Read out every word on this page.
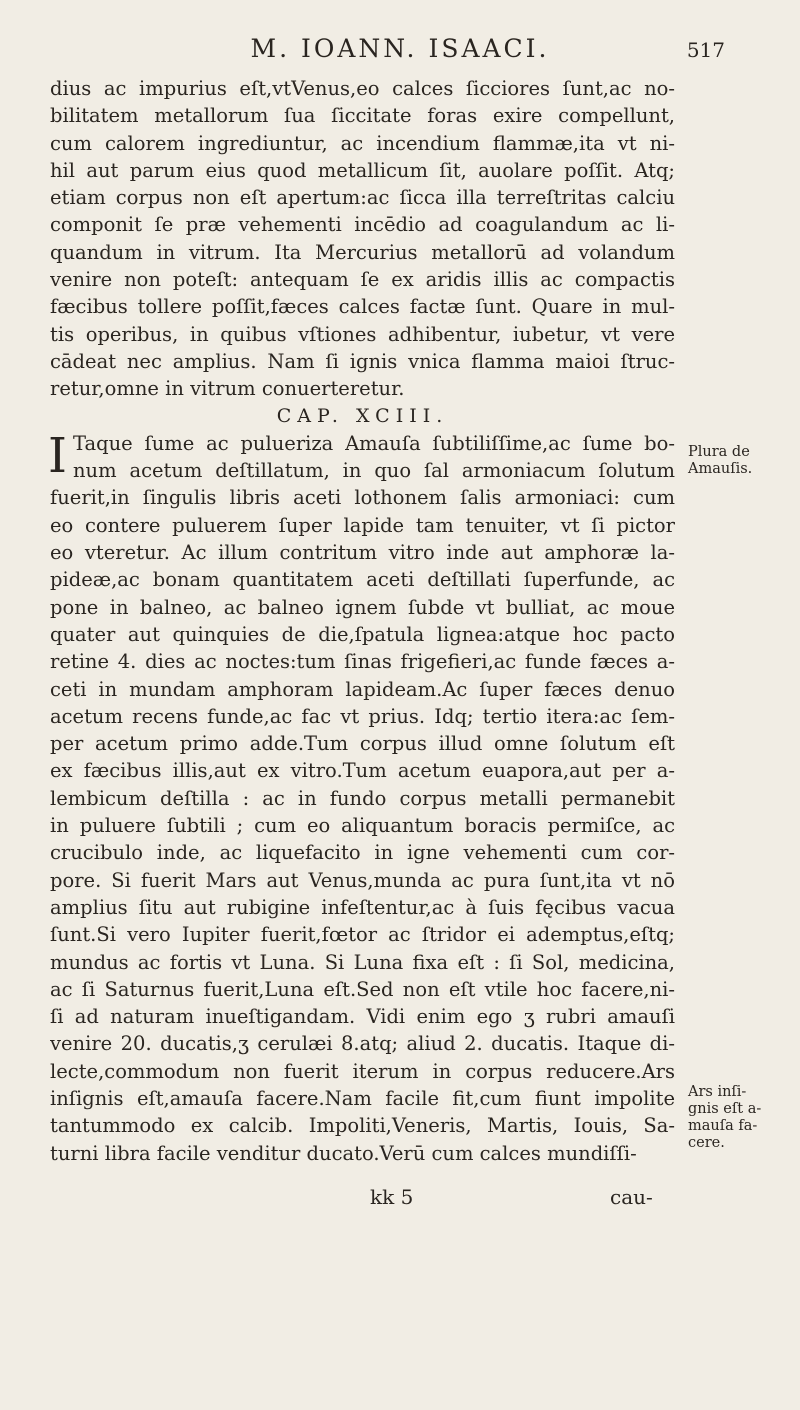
M. IOANN. ISAACI.	517
dius ac impurius eſt,vtVenus,eo calces ſicciores ſunt,ac no-
bilitatem metallorum ſua ſiccitate foras exire compellunt,
cum calorem ingrediuntur, ac incendium flammæ,ita vt ni-
hil aut parum eius quod metallicum ſit, auolare poſſit. Atq;
etiam corpus non eſt apertum:ac ſicca illa terreſtritas calciu
componit ſe præ vehementi incēdio ad coagulandum ac li-
quandum in vitrum. Ita Mercurius metallorū ad volandum
venire non poteſt: antequam ſe ex aridis illis ac compactis
fæcibus tollere poſſit,fæces calces factæ ſunt. Quare in mul-
tis operibus, in quibus vſtiones adhibentur, iubetur, vt vere
cādeat nec amplius. Nam ſi ignis vnica flamma maioi ſtruc-
retur,omne in vitrum conuerteretur.
CAP. XCIII.
I Taque ſume ac pulueriza Amauſa ſubtiliſſime,ac ſume bo-
num acetum deſtillatum, in quo ſal armoniacum ſolutum
fuerit,in ſingulis libris aceti lothonem ſalis armoniaci: cum
eo contere puluerem ſuper lapide tam tenuiter, vt ſi pictor
eo vteretur. Ac illum contritum vitro inde aut amphoræ la-
pideæ,ac bonam quantitatem aceti deſtillati ſuperfunde, ac
pone in balneo, ac balneo ignem ſubde vt bulliat, ac moue
quater aut quinquies de die,ſpatula lignea:atque hoc pacto
retine 4. dies ac noctes:tum ſinas frigefieri,ac funde fæces a-
ceti in mundam amphoram lapideam.Ac ſuper fæces denuo
acetum recens funde,ac fac vt prius. Idq; tertio itera:ac ſem-
per acetum primo adde.Tum corpus illud omne ſolutum eſt
ex fæcibus illis,aut ex vitro.Tum acetum euapora,aut per a-
lembicum deſtilla : ac in fundo corpus metalli permanebit
in puluere ſubtili ; cum eo aliquantum boracis permiſce, ac
crucibulo inde, ac liquefacito in igne vehementi cum cor-
pore. Si fuerit Mars aut Venus,munda ac pura ſunt,ita vt nō
amplius ſitu aut rubigine infeſtentur,ac à ſuis fęcibus vacua
ſunt.Si vero Iupiter fuerit,fœtor ac ſtridor ei ademptus,eſtq;
mundus ac fortis vt Luna. Si Luna fixa eſt : ſi Sol, medicina,
ac ſi Saturnus fuerit,Luna eſt.Sed non eſt vtile hoc facere,ni-
ſi ad naturam inueſtigandam. Vidi enim ego ʒ rubri amauſi
venire 20. ducatis,ʒ cerulæi 8.atq; aliud 2. ducatis. Itaque di-
lecte,commodum non fuerit iterum in corpus reducere.Ars
inſignis eſt,amauſa facere.Nam facile fit,cum fiunt impolite
tantummodo ex calcib. Impoliti,Veneris, Martis, Iouis, Sa-
turni libra facile venditur ducato.Verū cum calces mundiſſi-
Plura de
Amauſis.
Ars inſi-
gnis eſt a-
mauſa fa-
cere.
kk 5	cau-
